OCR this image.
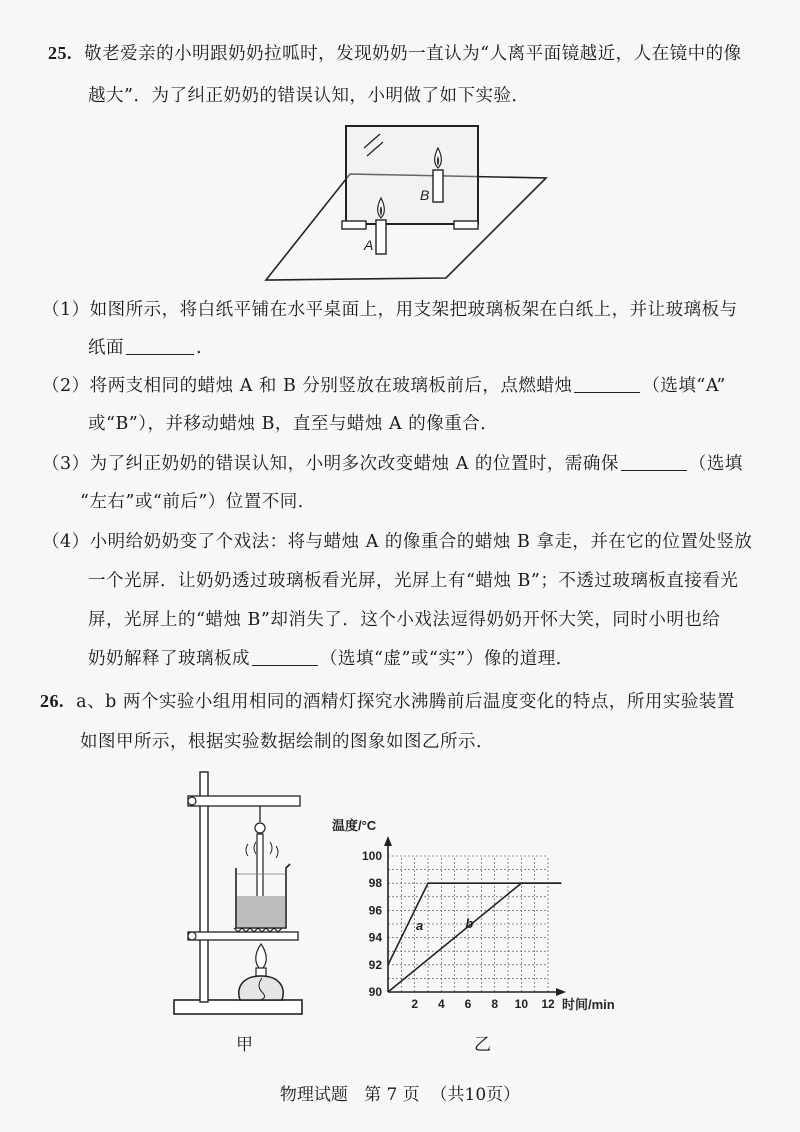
25. 敬老爱亲的小明跟奶奶拉呱时，发现奶奶一直认为“人离平面镜越近，人在镜中的像
越大”．为了纠正奶奶的错误认知，小明做了如下实验．
B
A
（1）如图所示，将白纸平铺在水平桌面上，用支架把玻璃板架在白纸上，并让玻璃板与
纸面	.
（2）将两支相同的蜡烛 A 和 B 分别竖放在玻璃板前后，点燃蜡烛	（选填“A”
或“B”），并移动蜡烛 B，直至与蜡烛 A 的像重合．
（3）为了纠正奶奶的错误认知，小明多次改变蜡烛 A 的位置时，需确保	（选填
“左右”或“前后”）位置不同．
（4）小明给奶奶变了个戏法：将与蜡烛 A 的像重合的蜡烛 B 拿走，并在它的位置处竖放
一个光屏．让奶奶透过玻璃板看光屏，光屏上有“蜡烛 B”；不透过玻璃板直接看光
屏，光屏上的“蜡烛 B”却消失了．这个小戏法逗得奶奶开怀大笑，同时小明也给
奶奶解释了玻璃板成	（选填“虚”或“实”）像的道理．
26. a、b 两个实验小组用相同的酒精灯探究水沸腾前后温度变化的特点，所用实验装置
如图甲所示，根据实验数据绘制的图象如图乙所示．
甲
温度/°C
时间/min
90
92
94
96
98
100
2 4 6 8 10 12
a	b
乙
物理试题 第 7 页 （共10页）
